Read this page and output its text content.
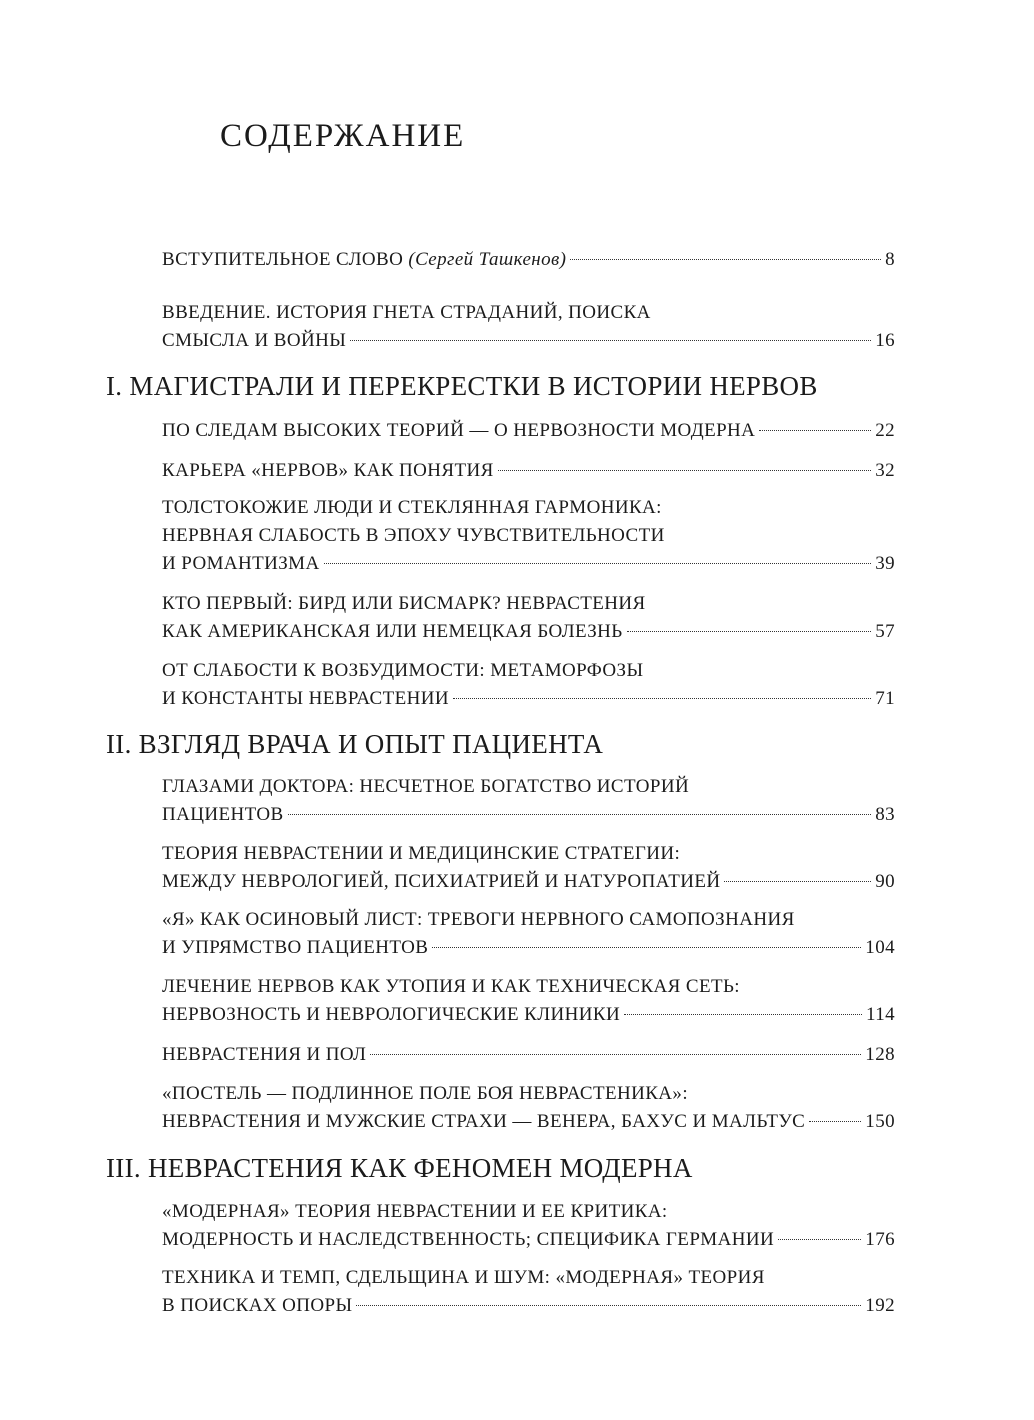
СОДЕРЖАНИЕ
ВСТУПИТЕЛЬНОЕ СЛОВО (Сергей Ташкенов)	8
ВВЕДЕНИЕ. ИСТОРИЯ ГНЕТА СТРАДАНИЙ, ПОИСКА
СМЫСЛА И ВОЙНЫ	16
I. МАГИСТРАЛИ И ПЕРЕКРЕСТКИ В ИСТОРИИ НЕРВОВ
ПО СЛЕДАМ ВЫСОКИХ ТЕОРИЙ — О НЕРВОЗНОСТИ МОДЕРНА	22
КАРЬЕРА «НЕРВОВ» КАК ПОНЯТИЯ	32
ТОЛСТОКОЖИЕ ЛЮДИ И СТЕКЛЯННАЯ ГАРМОНИКА:
НЕРВНАЯ СЛАБОСТЬ В ЭПОХУ ЧУВСТВИТЕЛЬНОСТИ
И РОМАНТИЗМА	39
КТО ПЕРВЫЙ: БИРД ИЛИ БИСМАРК? НЕВРАСТЕНИЯ
КАК АМЕРИКАНСКАЯ ИЛИ НЕМЕЦКАЯ БОЛЕЗНЬ	57
ОТ СЛАБОСТИ К ВОЗБУДИМОСТИ: МЕТАМОРФОЗЫ
И КОНСТАНТЫ НЕВРАСТЕНИИ	71
II. ВЗГЛЯД ВРАЧА И ОПЫТ ПАЦИЕНТА
ГЛАЗАМИ ДОКТОРА: НЕСЧЕТНОЕ БОГАТСТВО ИСТОРИЙ
ПАЦИЕНТОВ	83
ТЕОРИЯ НЕВРАСТЕНИИ И МЕДИЦИНСКИЕ СТРАТЕГИИ:
МЕЖДУ НЕВРОЛОГИЕЙ, ПСИХИАТРИЕЙ И НАТУРОПАТИЕЙ	90
«Я» КАК ОСИНОВЫЙ ЛИСТ: ТРЕВОГИ НЕРВНОГО САМОПОЗНАНИЯ
И УПРЯМСТВО ПАЦИЕНТОВ	104
ЛЕЧЕНИЕ НЕРВОВ КАК УТОПИЯ И КАК ТЕХНИЧЕСКАЯ СЕТЬ:
НЕРВОЗНОСТЬ И НЕВРОЛОГИЧЕСКИЕ КЛИНИКИ	114
НЕВРАСТЕНИЯ И ПОЛ	128
«ПОСТЕЛЬ — ПОДЛИННОЕ ПОЛЕ БОЯ НЕВРАСТЕНИКА»:
НЕВРАСТЕНИЯ И МУЖСКИЕ СТРАХИ — ВЕНЕРА, БАХУС И МАЛЬТУС	150
III. НЕВРАСТЕНИЯ КАК ФЕНОМЕН МОДЕРНА
«МОДЕРНАЯ» ТЕОРИЯ НЕВРАСТЕНИИ И ЕЕ КРИТИКА:
МОДЕРНОСТЬ И НАСЛЕДСТВЕННОСТЬ; СПЕЦИФИКА ГЕРМАНИИ	176
ТЕХНИКА И ТЕМП, СДЕЛЬЩИНА И ШУМ: «МОДЕРНАЯ» ТЕОРИЯ
В ПОИСКАХ ОПОРЫ	192
